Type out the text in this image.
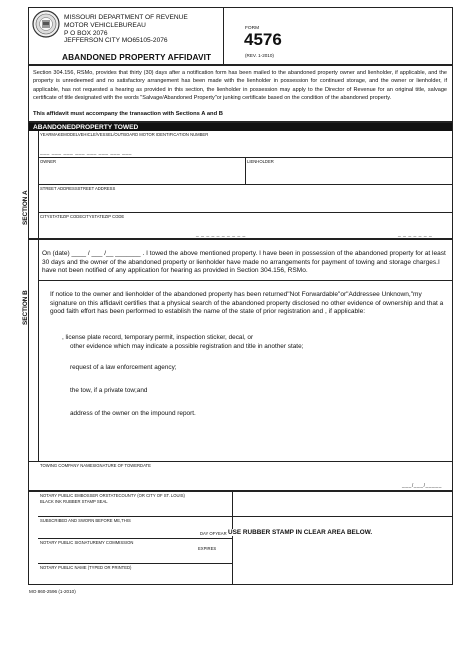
MISSOURI DEPARTMENT OF REVENUE
MOTOR VEHICLEBUREAU
P O BOX 2076
JEFFERSON CITY MO65105-2076
ABANDONED PROPERTY AFFIDAVIT
FORM
4576
(REV. 1-2010)
Section 304.156, RSMo, provides that thirty (30) days after a notification form has been mailed to the abandoned property owner and lienholder, if applicable, and the property is unredeemed and no satisfactory arrangement has been made with the lienholder in possession for continued storage, and the owner or lienholder, if applicable, has not requested a hearing as provided in this section, the lienholder in possession may apply to the Director of Revenue for an original title, salvage certificate of title designated with the words "Salvage/Abandoned Property"or junking certificate based on the condition of the abandoned property.
This affidavit must accompany the transaction with Sections A and B
ABANDONEDPROPERTY TOWED
SECTION A
YEARMAKEMODELVEHICLE/VESSEL/OUTBOARD MOTOR IDENTIFICATION NUMBER
___ ___ ___ ___ ___ ___ ___ ___
OWNER	LIENHOLDER
STREET ADDRESSSTREET ADDRESS
CITYSTATEZIP CODECITYSTATEZIP CODE
_ _ _ _ _ _ _ _ _ _	_ _ _ _ _ _ _
SECTION B
On (date) ____ / ___ /__ _______ . I towed the above mentioned property. I have been in possession of the abandoned property for at least 30 days and the owner of the abandoned property or lienholder have made no arrangements for payment of towing and storage charges.I have not been notified of any application for hearing as provided in Section 304.156, RSMo.
If notice to the owner and lienholder of the abandoned property has been returned"Not Forwardable"or"Addressee Unknown,"my signature on this affidavit certifies that a physical search of the abandoned property disclosed no other evidence of ownership and that a good faith effort has been performed to establish the name of the state of prior registration and , if applicable:
, license plate record, temporary permit, inspection sticker, decal, or
other evidence which may indicate a possible registration and title in another state;
request of a law enforcement agency;
the tow, if a private tow;and
address of the owner on the impound report.
TOWING COMPANY NAMESIGNATURE OF TOWERDATE
___/___/_____
NOTARY PUBLIC EMBOSSER ORSTATECOUNTY (OR CITY OF ST. LOUIS)
BLACK INK RUBBER STAMP SEAL
SUBSCRIBED AND SWORN BEFORE ME,THIS
DAY OFYEAR USE RUBBER STAMP IN CLEAR AREA BELOW.
NOTARY PUBLIC SIGNATUREMY COMMISSION
EXPIRES
NOTARY PUBLIC NAME (TYPED OR PRINTED)
MO 860-2596 (1-2010)
